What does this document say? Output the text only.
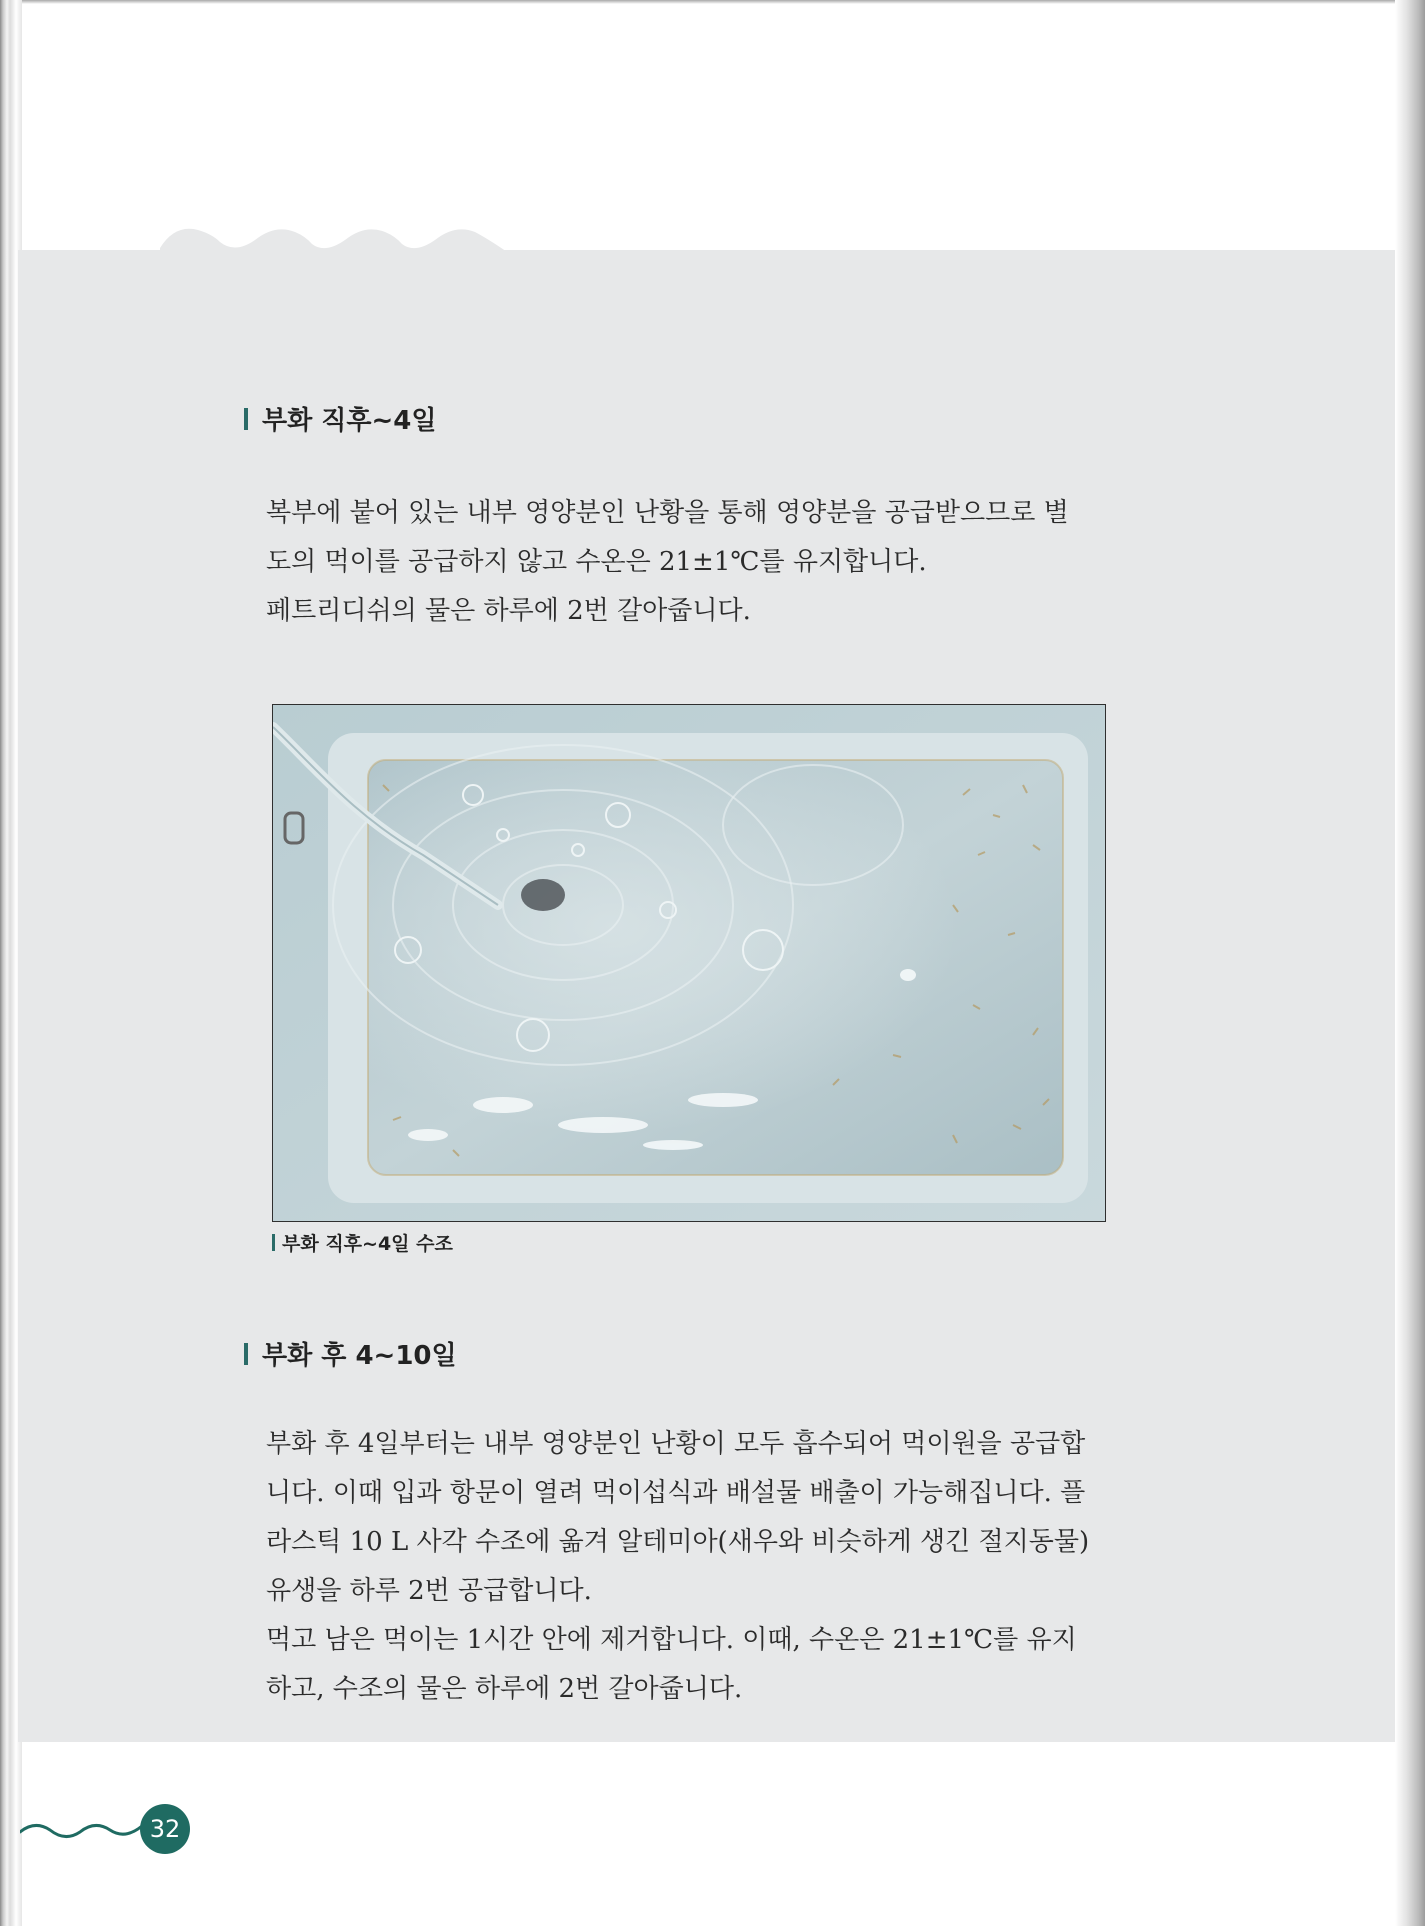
부화 직후~4일
복부에 붙어 있는 내부 영양분인 난황을 통해 영양분을 공급받으므로 별
도의 먹이를 공급하지 않고 수온은 21±1℃를 유지합니다.
페트리디쉬의 물은 하루에 2번 갈아줍니다.
부화 직후~4일 수조
부화 후 4~10일
부화 후 4일부터는 내부 영양분인 난황이 모두 흡수되어 먹이원을 공급합
니다. 이때 입과 항문이 열려 먹이섭식과 배설물 배출이 가능해집니다. 플
라스틱 10 L 사각 수조에 옮겨 알테미아(새우와 비슷하게 생긴 절지동물)
유생을 하루 2번 공급합니다.
먹고 남은 먹이는 1시간 안에 제거합니다. 이때, 수온은 21±1℃를 유지
하고, 수조의 물은 하루에 2번 갈아줍니다.
32
